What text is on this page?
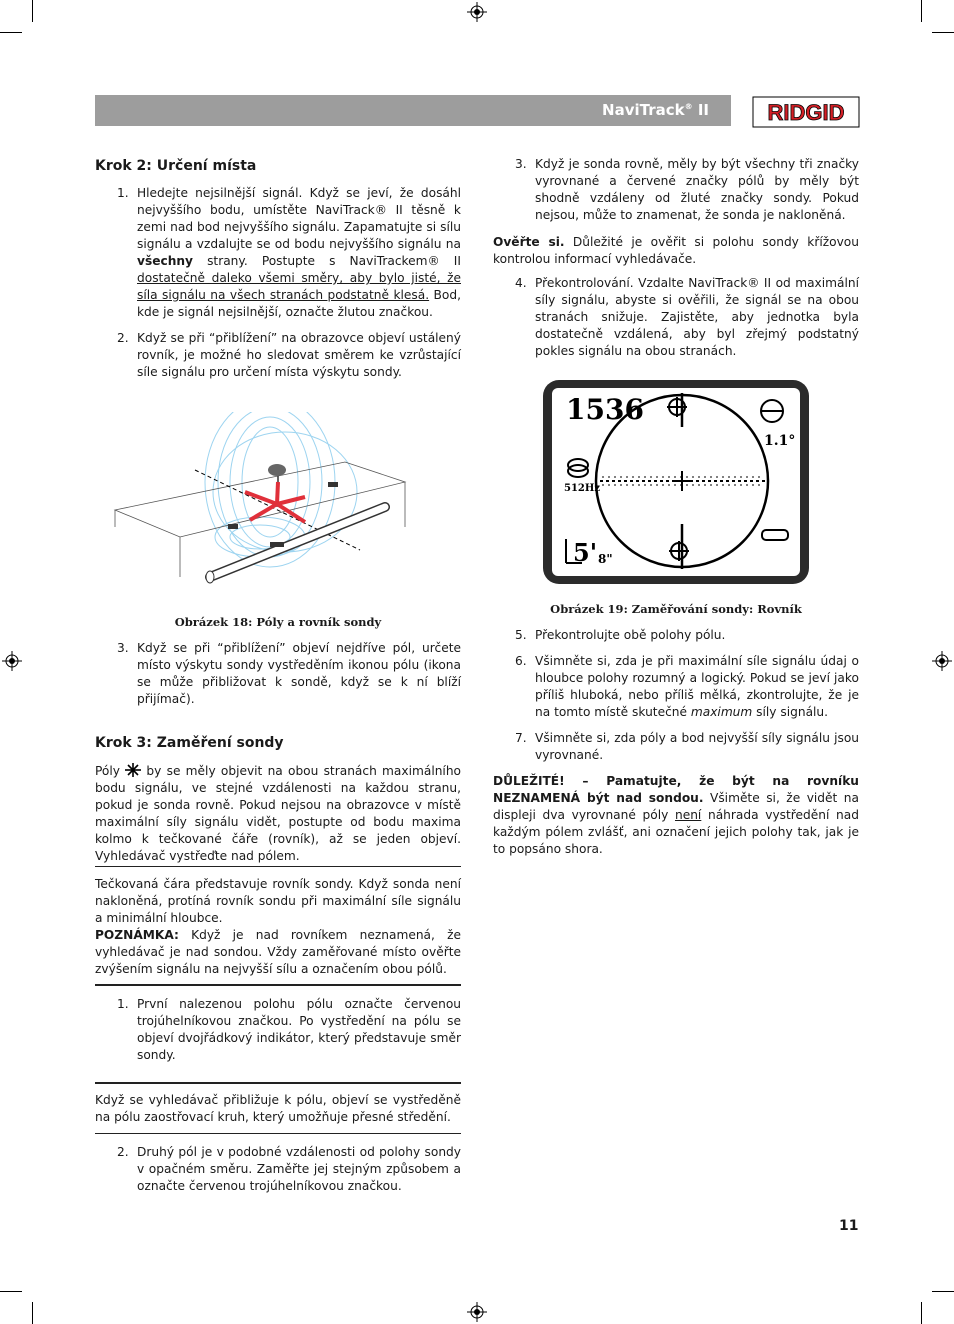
NaviTrack® II	RIDGID

Krok 2: Určení místa

1. Hledejte nejsilnější signál. Když se jeví, že dosáhl nejvyššího bodu, umístěte NaviTrack® II těsně k zemi nad bod nejvyššího signálu. Zapamatujte si sílu signálu a vzdalujte se od bodu nejvyššího signálu na všechny strany. Postupte s NaviTrackem® II dostatečně daleko všemi směry, aby bylo jisté, že síla signálu na všech stranách podstatně klesá. Bod, kde je signál nejsilnější, označte žlutou značkou.
2. Když se při “přiblížení” na obrazovce objeví ustálený rovník, je možné ho sledovat směrem ke vzrůstající síle signálu pro určení místa výskytu sondy.
Obrázek 18: Póly a rovník sondy
3. Když se při “přiblížení” objeví nejdříve pól, určete místo výskytu sondy vystředěním ikonou pólu (ikona se může přibližovat k sondě, když se k ní blíží přijímač).

Krok 3: Zaměření sondy

Póly  by se měly objevit na obou stranách maximálního bodu signálu, ve stejné vzdálenosti na každou stranu, pokud je sonda rovně. Pokud nejsou na obrazovce v místě maximální síly signálu vidět, postupte od bodu maxima kolmo k tečkované čáře (rovník), až se jeden objeví. Vyhledávač vystřeďte nad pólem.

Tečkovaná čára představuje rovník sondy. Když sonda není nakloněná, protíná rovník sondu při maximální síle signálu a minimální hloubce.

POZNÁMKA: Když je nad rovníkem neznamená, že vyhledávač je nad sondou. Vždy zaměřované místo ověřte zvýšením signálu na nejvyšší sílu a označením obou pólů.

1. První nalezenou polohu pólu označte červenou trojúhelníkovou značkou. Po vystředění na pólu se objeví dvojřádkový indikátor, který představuje směr sondy.

Když se vyhledávač přibližuje k pólu, objeví se vystředěně na pólu zaostřovací kruh, který umožňuje přesné středění.

2. Druhý pól je v podobné vzdálenosti od polohy sondy v opačném směru. Zaměřte jej stejným způsobem a označte červenou trojúhelníkovou značkou.
3. Když je sonda rovně, měly by být všechny tři značky vyrovnané a červené značky pólů by měly být shodně vzdáleny od žluté značky sondy. Pokud nejsou, může to znamenat, že sonda je nakloněná.

Ověřte si. Důležité je ověřit si polohu sondy křížovou kontrolou informací vyhledávače.

4. Překontrolování. Vzdalte NaviTrack® II od maximální síly signálu, abyste si ověřili, že signál se na obou stranách snižuje. Zajistěte, aby jednotka byla dostatečně vzdálená, aby byl zřejmý podstatný pokles signálu na obou stranách.
1536
1.1°
512Hz
5' 8"
Obrázek 19: Zaměřování sondy: Rovník
5. Překontrolujte obě polohy pólu.
6. Všimněte si, zda je při maximální síle signálu údaj o hloubce polohy rozumný a logický. Pokud se jeví jako příliš hluboká, nebo příliš mělká, zkontrolujte, že je na tomto místě skutečné maximum síly signálu.
7. Všimněte si, zda póly a bod nejvyšší síly signálu jsou vyrovnané.

DŮLEŽITÉ! – Pamatujte, že být na rovníku NEZNAMENÁ být nad sondou. Všiměte si, že vidět na displeji dva vyrovnané póly není náhrada vystředění nad každým pólem zvlášť, ani označení jejich polohy tak, jak je to popsáno shora.

11
